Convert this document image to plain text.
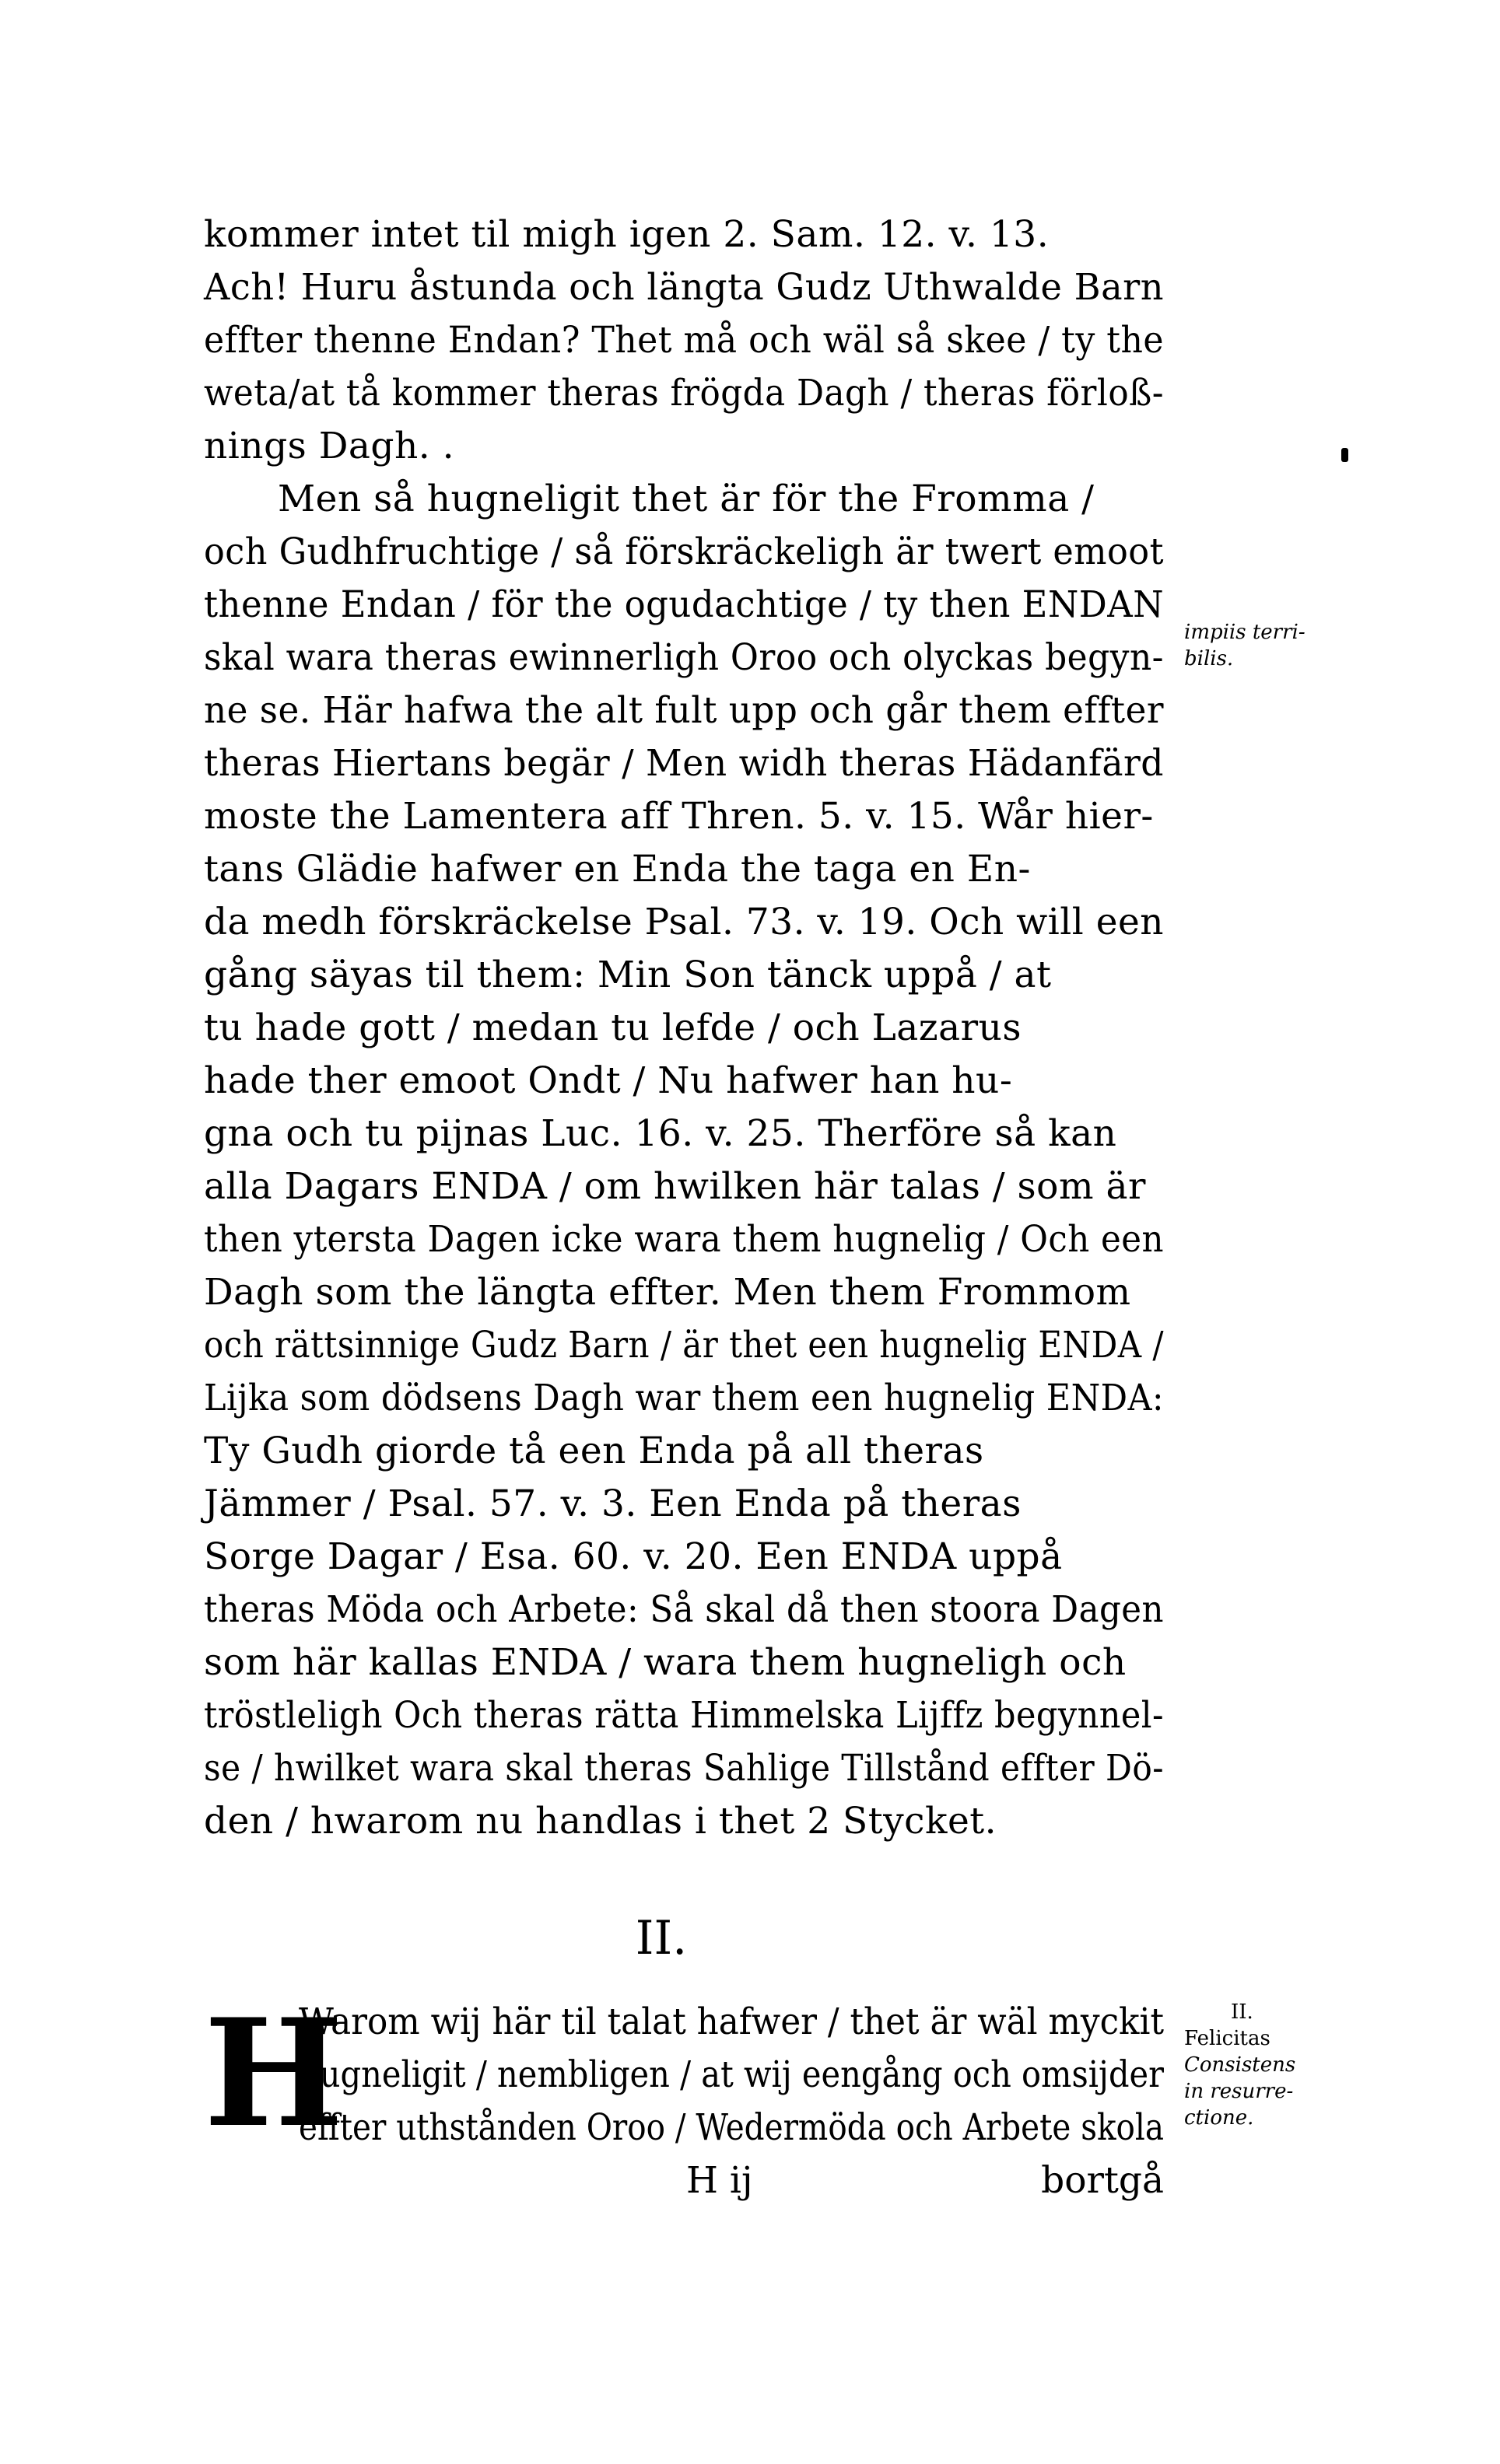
kommer intet til migh igen 2. Sam. 12. v. 13.
Ach! Huru åstunda och längta Gudz Uthwalde Barn
effter thenne Endan? Thet må och wäl så skee / ty the
weta/at tå kommer theras frögda Dagh / theras förloß-
nings Dagh. .
Men så hugneligit thet är för the Fromma /
och Gudhfruchtige / så förskräckeligh är twert emoot
thenne Endan / för the ogudachtige / ty then ENDAN
skal wara theras ewinnerligh Oroo och olyckas begyn-
ne se. Här hafwa the alt fult upp och går them effter
theras Hiertans begär / Men widh theras Hädanfärd
moste the Lamentera aff Thren. 5. v. 15. Wår hier-
tans Glädie hafwer en Enda the taga en En-
da medh förskräckelse Psal. 73. v. 19. Och will een
gång säyas til them: Min Son tänck uppå / at
tu hade gott / medan tu lefde / och Lazarus
hade ther emoot Ondt / Nu hafwer han hu-
gna och tu pijnas Luc. 16. v. 25. Therföre så kan
alla Dagars ENDA / om hwilken här talas / som är
then ytersta Dagen icke wara them hugnelig / Och een
Dagh som the längta effter. Men them Frommom
och rättsinnige Gudz Barn / är thet een hugnelig ENDA /
Lijka som dödsens Dagh war them een hugnelig ENDA:
Ty Gudh giorde tå een Enda på all theras
Jämmer / Psal. 57. v. 3. Een Enda på theras
Sorge Dagar / Esa. 60. v. 20. Een ENDA uppå
theras Möda och Arbete: Så skal då then stoora Dagen
som här kallas ENDA / wara them hugneligh och
tröstleligh Och theras rätta Himmelska Lijffz begynnel-
se / hwilket wara skal theras Sahlige Tillstånd effter Dö-
den / hwarom nu handlas i thet 2 Stycket.
impiis terri-
bilis.
II.
H
Warom wij här til talat hafwer / thet är wäl myckit
hugneligit / nembligen / at wij eengång och omsijder
effter uthstånden Oroo / Wedermöda och Arbete skola
II.
Felicitas
Consistens
in resurre-
ctione.
H ij	bortgå
